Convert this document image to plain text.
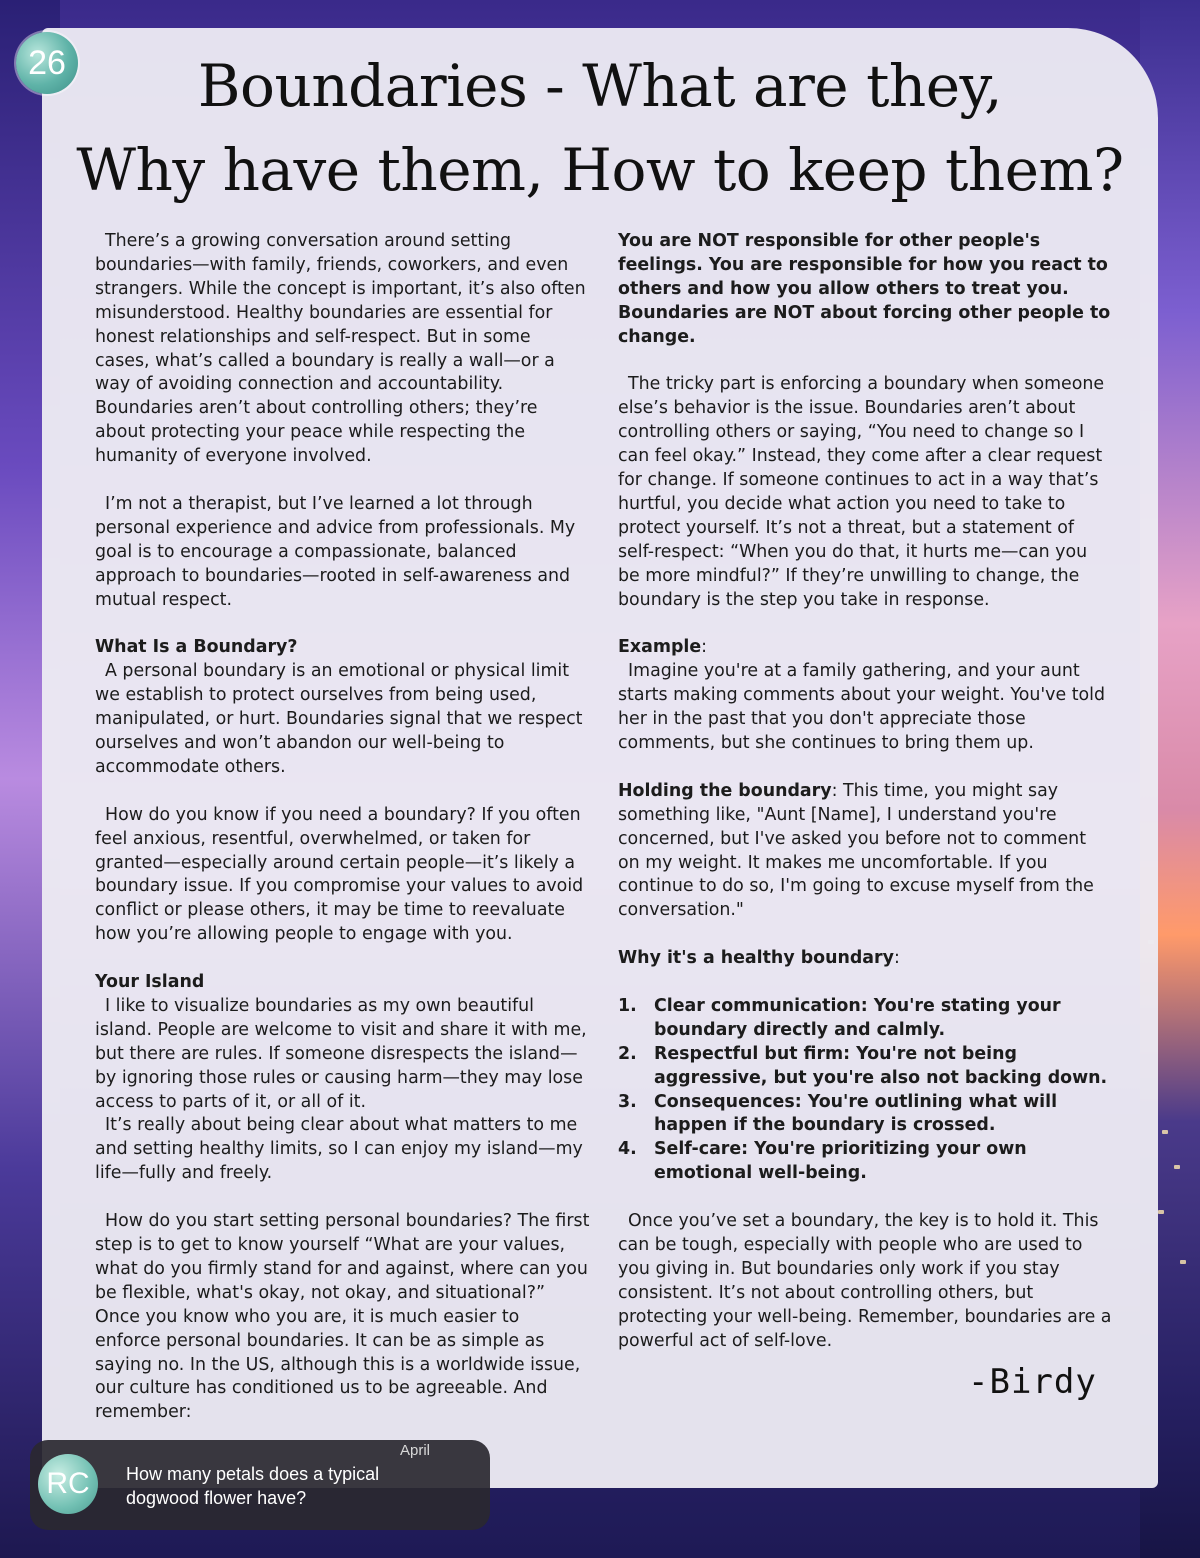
26	Boundaries - What are they,
Why have them, How to keep them?

There’s a growing conversation around setting boundaries—with family, friends, coworkers, and even strangers. While the concept is important, it’s also often misunderstood. Healthy boundaries are essential for honest relationships and self-respect. But in some cases, what’s called a boundary is really a wall—or a way of avoiding connection and accountability. Boundaries aren’t about controlling others; they’re about protecting your peace while respecting the humanity of everyone involved.

I’m not a therapist, but I’ve learned a lot through personal experience and advice from professionals. My goal is to encourage a compassionate, balanced approach to boundaries—rooted in self-awareness and mutual respect.

What Is a Boundary?

A personal boundary is an emotional or physical limit we establish to protect ourselves from being used, manipulated, or hurt. Boundaries signal that we respect ourselves and won’t abandon our well-being to accommodate others.

How do you know if you need a boundary? If you often feel anxious, resentful, overwhelmed, or taken for granted—especially around certain people—it’s likely a boundary issue. If you compromise your values to avoid conflict or please others, it may be time to reevaluate how you’re allowing people to engage with you.

Your Island

I like to visualize boundaries as my own beautiful island. People are welcome to visit and share it with me, but there are rules. If someone disrespects the island—by ignoring those rules or causing harm—they may lose access to parts of it, or all of it.

It’s really about being clear about what matters to me and setting healthy limits, so I can enjoy my island—my life—fully and freely.

How do you start setting personal boundaries? The first step is to get to know yourself “What are your values, what do you firmly stand for and against, where can you be flexible, what's okay, not okay, and situational?” Once you know who you are, it is much easier to enforce personal boundaries. It can be as simple as saying no. In the US, although this is a worldwide issue, our culture has conditioned us to be agreeable. And remember:

You are NOT responsible for other people's feelings. You are responsible for how you react to others and how you allow others to treat you.

Boundaries are NOT about forcing other people to change.

The tricky part is enforcing a boundary when someone else’s behavior is the issue. Boundaries aren’t about controlling others or saying, “You need to change so I can feel okay.” Instead, they come after a clear request for change. If someone continues to act in a way that’s hurtful, you decide what action you need to take to protect yourself. It’s not a threat, but a statement of self-respect: “When you do that, it hurts me—can you be more mindful?” If they’re unwilling to change, the boundary is the step you take in response.

Example:

Imagine you're at a family gathering, and your aunt starts making comments about your weight. You've told her in the past that you don't appreciate those comments, but she continues to bring them up.

Holding the boundary: This time, you might say something like, "Aunt [Name], I understand you're concerned, but I've asked you before not to comment on my weight. It makes me uncomfortable. If you continue to do so, I'm going to excuse myself from the conversation."

Why it's a healthy boundary:

1. Clear communication: You're stating your boundary directly and calmly.
2. Respectful but firm: You're not being aggressive, but you're also not backing down.
3. Consequences: You're outlining what will happen if the boundary is crossed.
4. Self-care: You're prioritizing your own emotional well-being.

Once you’ve set a boundary, the key is to hold it. This can be tough, especially with people who are used to you giving in. But boundaries only work if you stay consistent. It’s not about controlling others, but protecting your well-being. Remember, boundaries are a powerful act of self-love.

-Birdy
RC
April
How many petals does a typical dogwood flower have?
